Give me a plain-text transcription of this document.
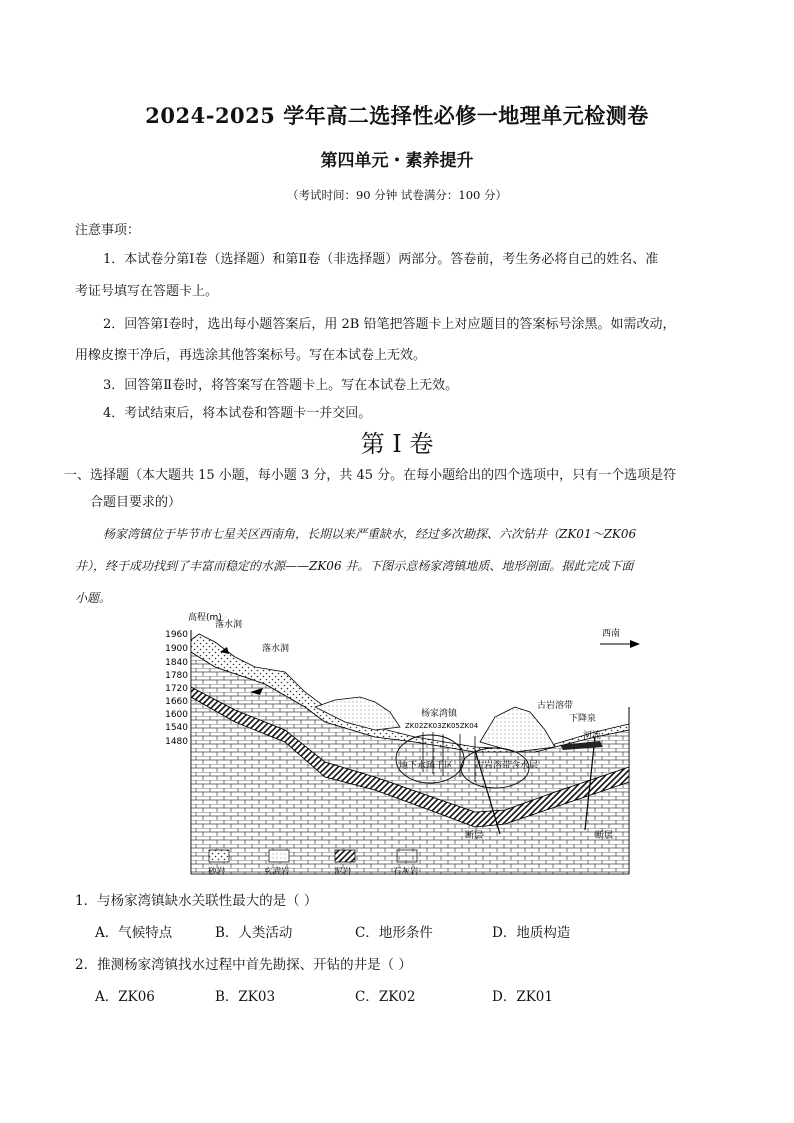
2024-2025 学年高二选择性必修一地理单元检测卷
第四单元・素养提升
（考试时间：90 分钟 试卷满分：100 分）
注意事项：
1．本试卷分第Ⅰ卷（选择题）和第Ⅱ卷（非选择题）两部分。答卷前，考生务必将自己的姓名、准
考证号填写在答题卡上。
2．回答第Ⅰ卷时，选出每小题答案后，用 2B 铅笔把答题卡上对应题目的答案标号涂黑。如需改动，
用橡皮擦干净后，再选涂其他答案标号。写在本试卷上无效。
3．回答第Ⅱ卷时，将答案写在答题卡上。写在本试卷上无效。
4．考试结束后，将本试卷和答题卡一并交回。
第 I 卷
一、选择题（本大题共 15 小题，每小题 3 分，共 45 分。在每小题给出的四个选项中，只有一个选项是符
合题目要求的）
杨家湾镇位于毕节市七星关区西南角，长期以来严重缺水，经过多次勘探、六次钻井（ZK01～ZK06
井），终于成功找到了丰富而稳定的水源——ZK06 井。下图示意杨家湾镇地质、地形剖面。据此完成下面
小题。
高程(m)
1960
1900
1840
1780
1720
1660
1600
1540
1480
落水洞
落水洞
西南
杨家湾镇
ZK02ZK03ZK05ZK04
古岩溶带
下降泉
河流
地下水疏干区 古岩溶带含水层
断层	断层
砂岩	玄武岩	泥岩	石灰岩
1．与杨家湾镇缺水关联性最大的是（ ）
A．气候特点	B．人类活动	C．地形条件	D．地质构造
2．推测杨家湾镇找水过程中首先勘探、开钻的井是（ ）
A．ZK06	B．ZK03	C．ZK02	D．ZK01
